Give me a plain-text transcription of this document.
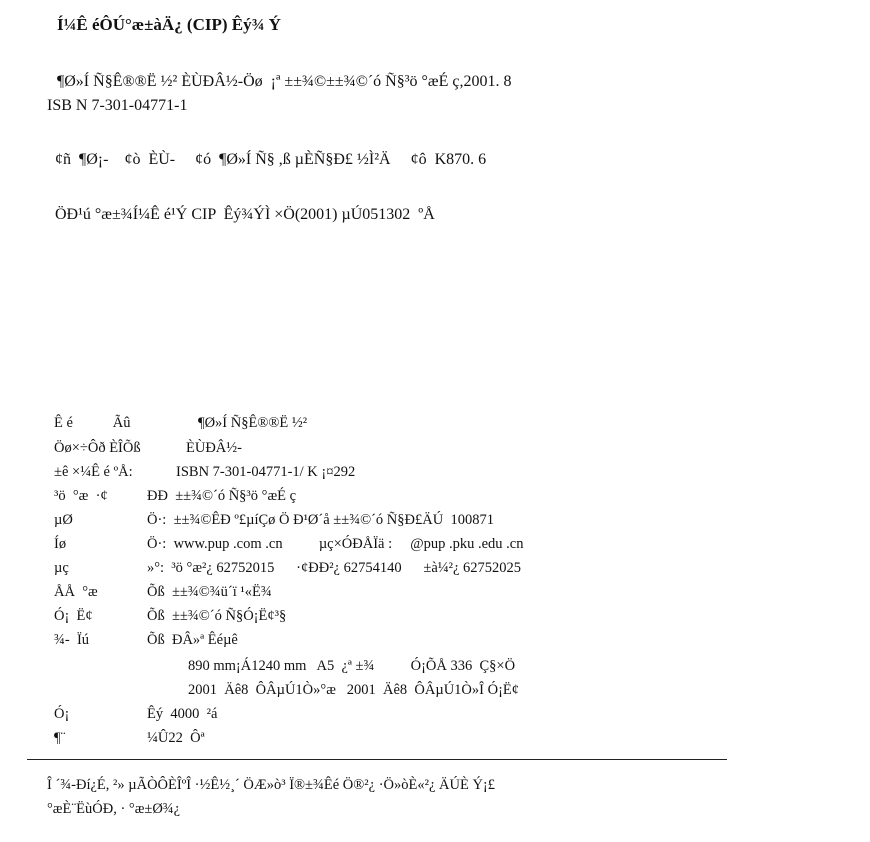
Í¼Ê éÔÚ°æ±àÄ¿ (CIP) Êý¾ Ý
¶Ø»Í Ñ§Ê®®Ë ½² ÈÙÐÂ½-Öø  ¡ª ±±¾©±±¾©´ó Ñ§³ö °æÉ ç,2001. 8
ISB N 7-301-04771-1
¢ñ  ¶Ø¡-    ¢ò  ÈÙ-     ¢ó  ¶Ø»Í Ñ§ ,ß µÈÑ§Ð£ ½Ì²Ä     ¢ô  K870. 6
ÖÐ¹ú °æ±¾Í¼Ê é¹Ý CIP  Êý¾ÝÌ ×Ö(2001) µÚ051302  ºÅ
Ê é           Ãû	¶Ø»Í Ñ§Ê®®Ë ½²
Öø×÷Ôð ÈÎÕß	ÈÙÐÂ½-
±ê ×¼Ê é ºÅ:	ISBN 7-301-04771-1/ K ¡¤292
³ö  °æ  ·¢	ÐÐ  ±±¾©´ó Ñ§³ö °æÉ ç
µØ	Ö·:  ±±¾©ÊÐ º£µíÇø Ö Ð¹Ø´å ±±¾©´ó Ñ§Ð£ÄÚ  100871
Íø	Ö·:  www.pup .com .cn          µç×ÓÐÅÏä :     @pup .pku .edu .cn
µç	»°:  ³ö °æ²¿ 62752015      ·¢ÐÐ²¿ 62754140      ±à¼²¿ 62752025
ÅÅ  °æ	Õß  ±±¾©¾ü´ï ¹«Ë¾
Ó¡  Ë¢	Õß  ±±¾©´ó Ñ§Ó¡Ë¢³§
¾-  Ïú	Õß  ÐÂ»ª Êéµê
890 mm¡Á1240 mm   A5  ¿ª ±¾          Ó¡ÕÅ 336  Ç§×Ö
2001  Äê8  ÔÂµÚ1Ò»°æ   2001  Äê8  ÔÂµÚ1Ò»Î Ó¡Ë¢
Ó¡	Êý  4000  ²á
¶¨	¼Û22  Ôª
Î ´¾-Ðí¿É, ²» µÃÒÔÈÎºÎ ·½Ê½¸´ ÖÆ»ò³ Ï®±¾Êé Ö®²¿ ·Ö»òÈ«²¿ ÄÚÈ Ý¡£
°æÈ¨ËùÓÐ, · °æ±Ø¾¿
